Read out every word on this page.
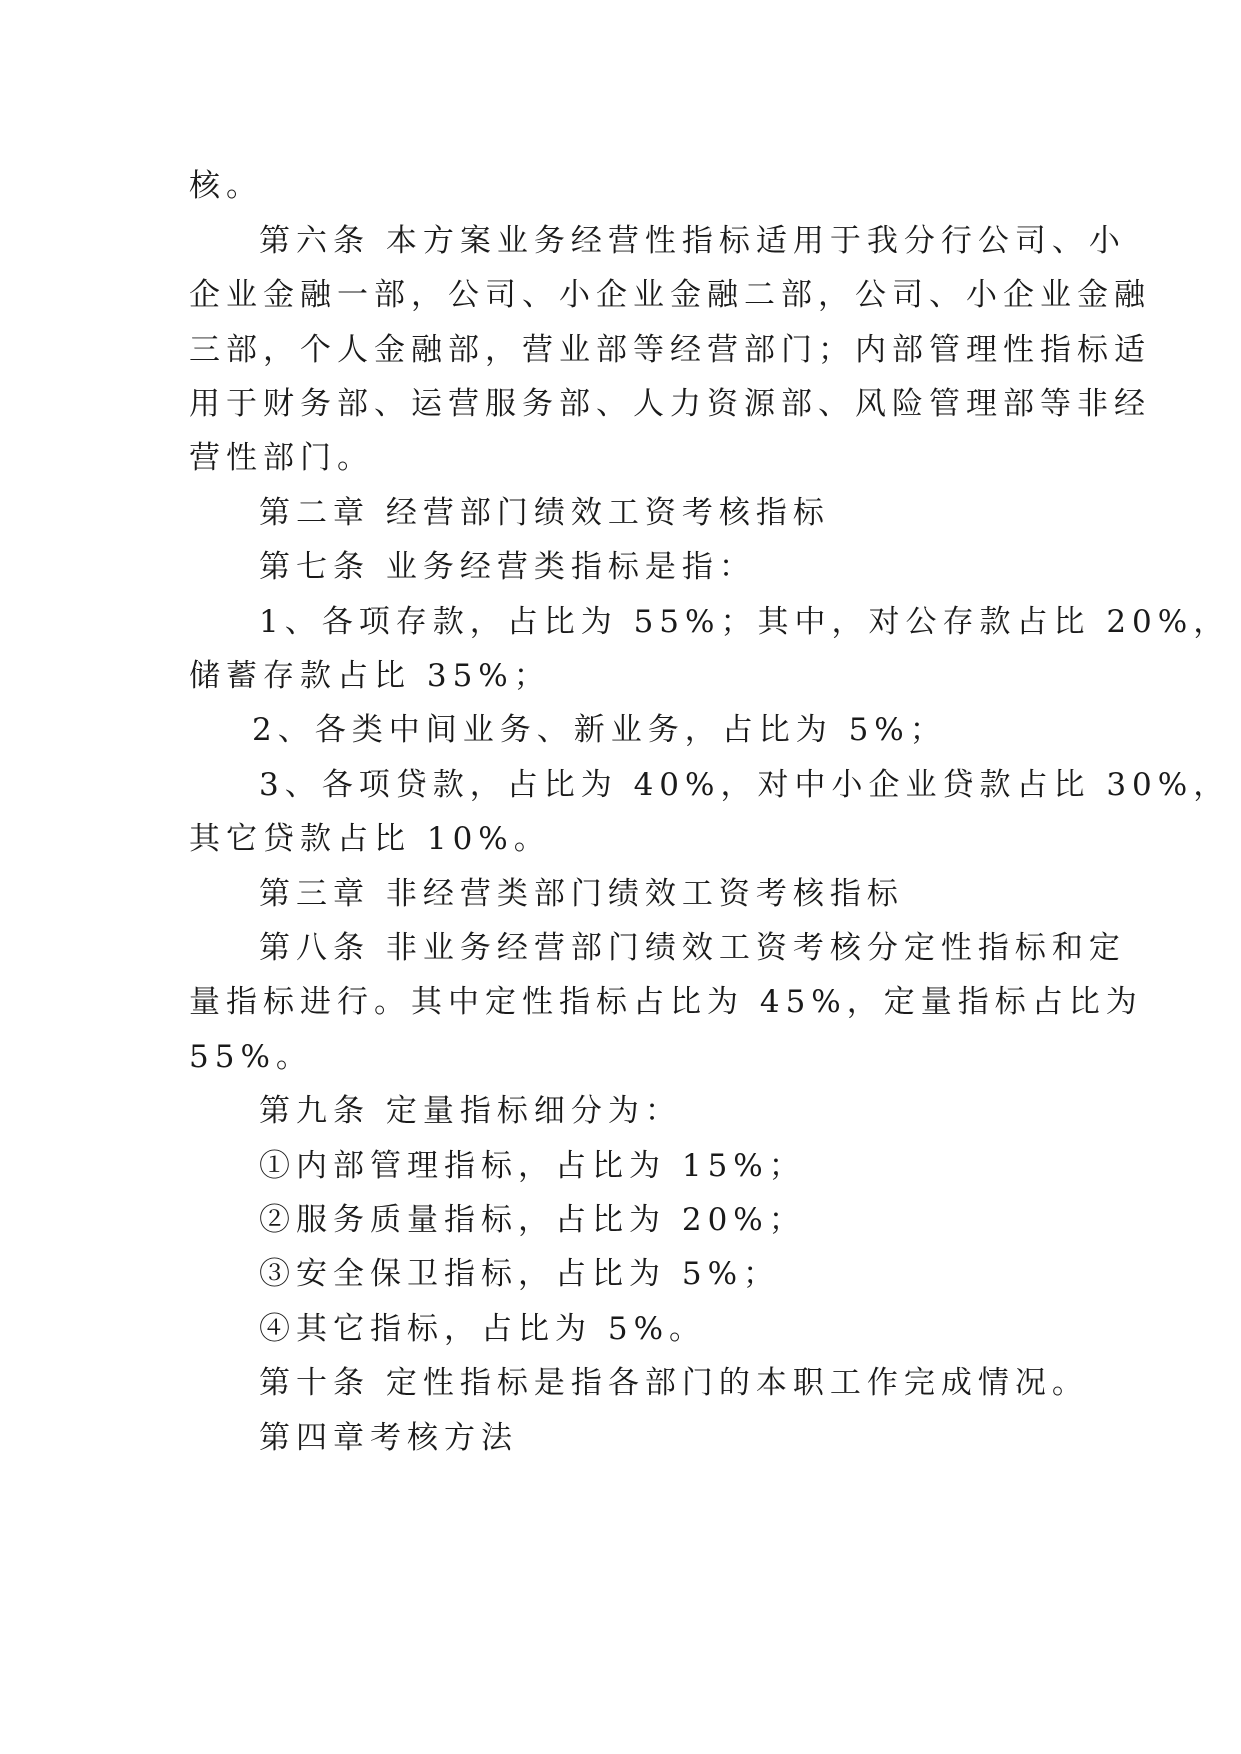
核。
第六条 本方案业务经营性指标适用于我分行公司、小
企业金融一部，公司、小企业金融二部，公司、小企业金融
三部，个人金融部，营业部等经营部门；内部管理性指标适
用于财务部、运营服务部、人力资源部、风险管理部等非经
营性部门。
第二章 经营部门绩效工资考核指标
第七条 业务经营类指标是指：
1、各项存款，占比为 55%；其中，对公存款占比 20%，
储蓄存款占比 35%；
2、各类中间业务、新业务，占比为 5%；
3、各项贷款，占比为 40%，对中小企业贷款占比 30%，
其它贷款占比 10%。
第三章 非经营类部门绩效工资考核指标
第八条 非业务经营部门绩效工资考核分定性指标和定
量指标进行。其中定性指标占比为 45%，定量指标占比为
55%。
第九条 定量指标细分为：
①内部管理指标，占比为 15%；
②服务质量指标，占比为 20%；
③安全保卫指标，占比为 5%；
④其它指标，占比为 5%。
第十条 定性指标是指各部门的本职工作完成情况。
第四章考核方法
